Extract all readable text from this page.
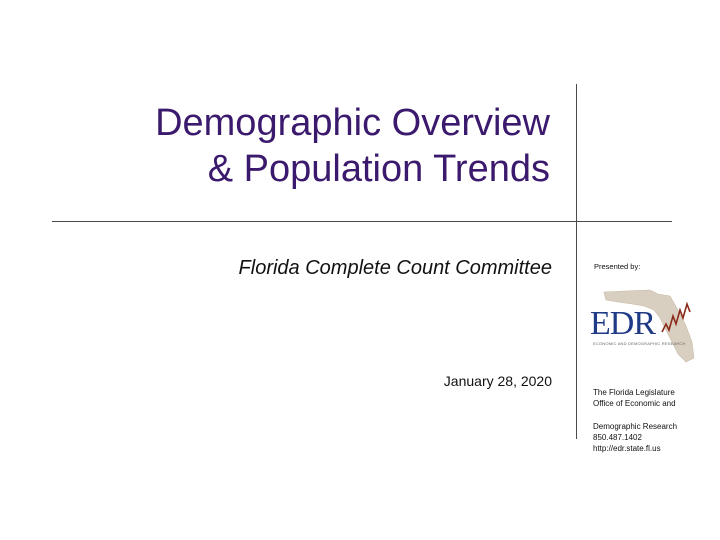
Demographic Overview
& Population Trends
Florida Complete Count Committee
January 28, 2020
Presented by:
EDR
ECONOMIC AND DEMOGRAPHIC RESEARCH
The Florida Legislature
Office of Economic and
Demographic Research
850.487.1402
http://edr.state.fl.us
